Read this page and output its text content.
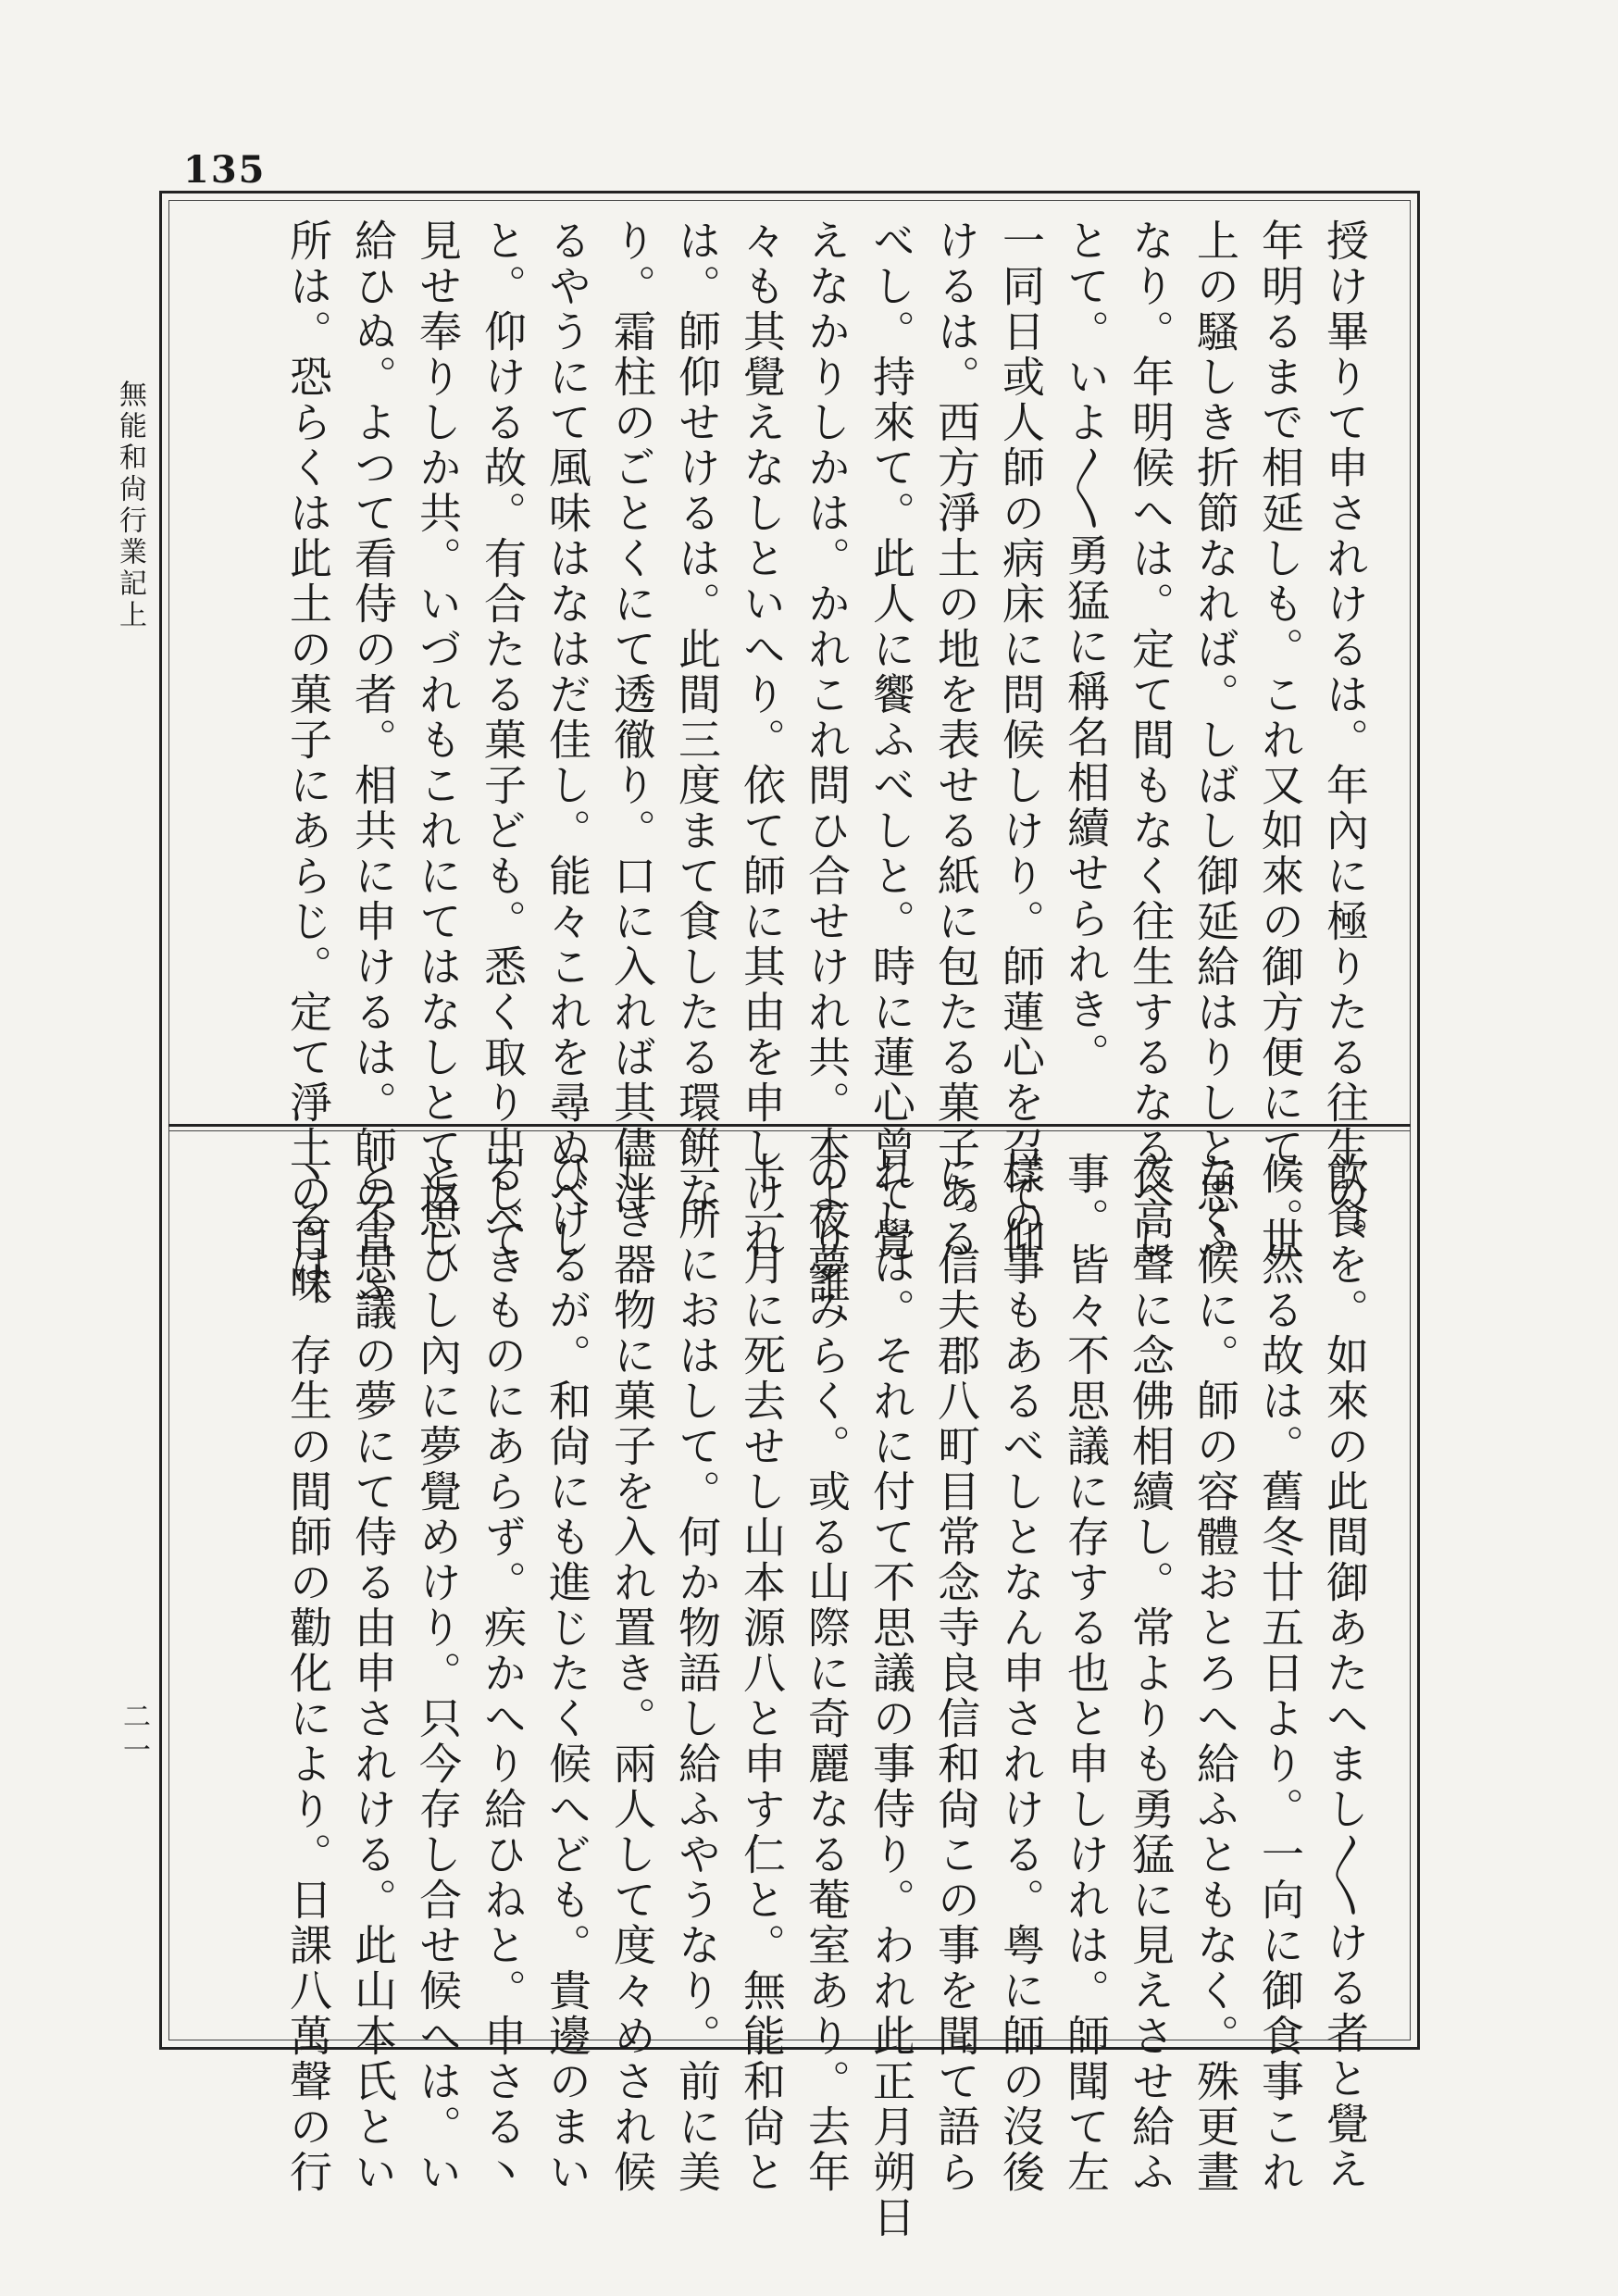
135
無能和尙行業記上
二一
授け畢りて申されけるは。年內に極りたる往生の。
年明るまで相延しも。これ又如來の御方便にて。世
上の騷しき折節なれば。しばし御延給はりしと思ふ
なり。年明候へは。定て間もなく往生するなるべし
とて。いよ〳〵勇猛に稱名相續せられき。
一同日或人師の病床に問候しけり。師蓮心を召て仰
けるは。西方淨土の地を表せる紙に包たる菓子ある
べし。持來て。此人に饗ふべしと。時に蓮心曾て覺
えなかりしかは。かれこれ問ひ合せけれ共。本より誰
々も其覺えなしといへり。依て師に其由を申しけれ
は。師仰せけるは。此間三度まて食したる環餠な
り。霜柱のごとくにて透徹り。口に入れば其儘泮
るやうにて風味はなはだ佳し。能々これを尋ぬべし
と。仰ける故。有合たる菓子ども。悉く取り出して
見せ奉りしか共。いづれもこれにてはなしとて返し
給ひぬ。よつて看侍の者。相共に申けるは。師の宣ふ
所は。恐らくは此土の菓子にあらじ。定て淨土の百味
飮食を。如來の此間御あたへまし〳〵ける者と覺え
候。然る故は。舊冬廿五日より。一向に御食事これ
なく候に。師の容體おとろへ給ふともなく。殊更晝
夜高聲に念佛相續し。常よりも勇猛に見えさせ給ふ
事。皆々不思議に存する也と申しけれは。師聞て左
樣の事もあるべしとなん申されける。粤に師の沒後
に。信夫郡八町目常念寺良信和尙この事を聞て語ら
れしは。それに付て不思議の事侍り。われ此正月朔日
の夜夢みらく。或る山際に奇麗なる菴室あり。去年
十一月に死去せし山本源八と申す仁と。無能和尙と
一所におはして。何か物語し給ふやうなり。前に美
しき器物に菓子を入れ置き。兩人して度々めされ候
ひけるが。和尙にも進じたく候へども。貴邊のまい
るべきものにあらず。疾かへり給ひねと。申さる丶
と思ひし內に夢覺めけり。只今存し合せ候へは。い
と不思議の夢にて侍る由申されける。此山本氏とい
丶るは。存生の間師の勸化により。日課八萬聲の行
